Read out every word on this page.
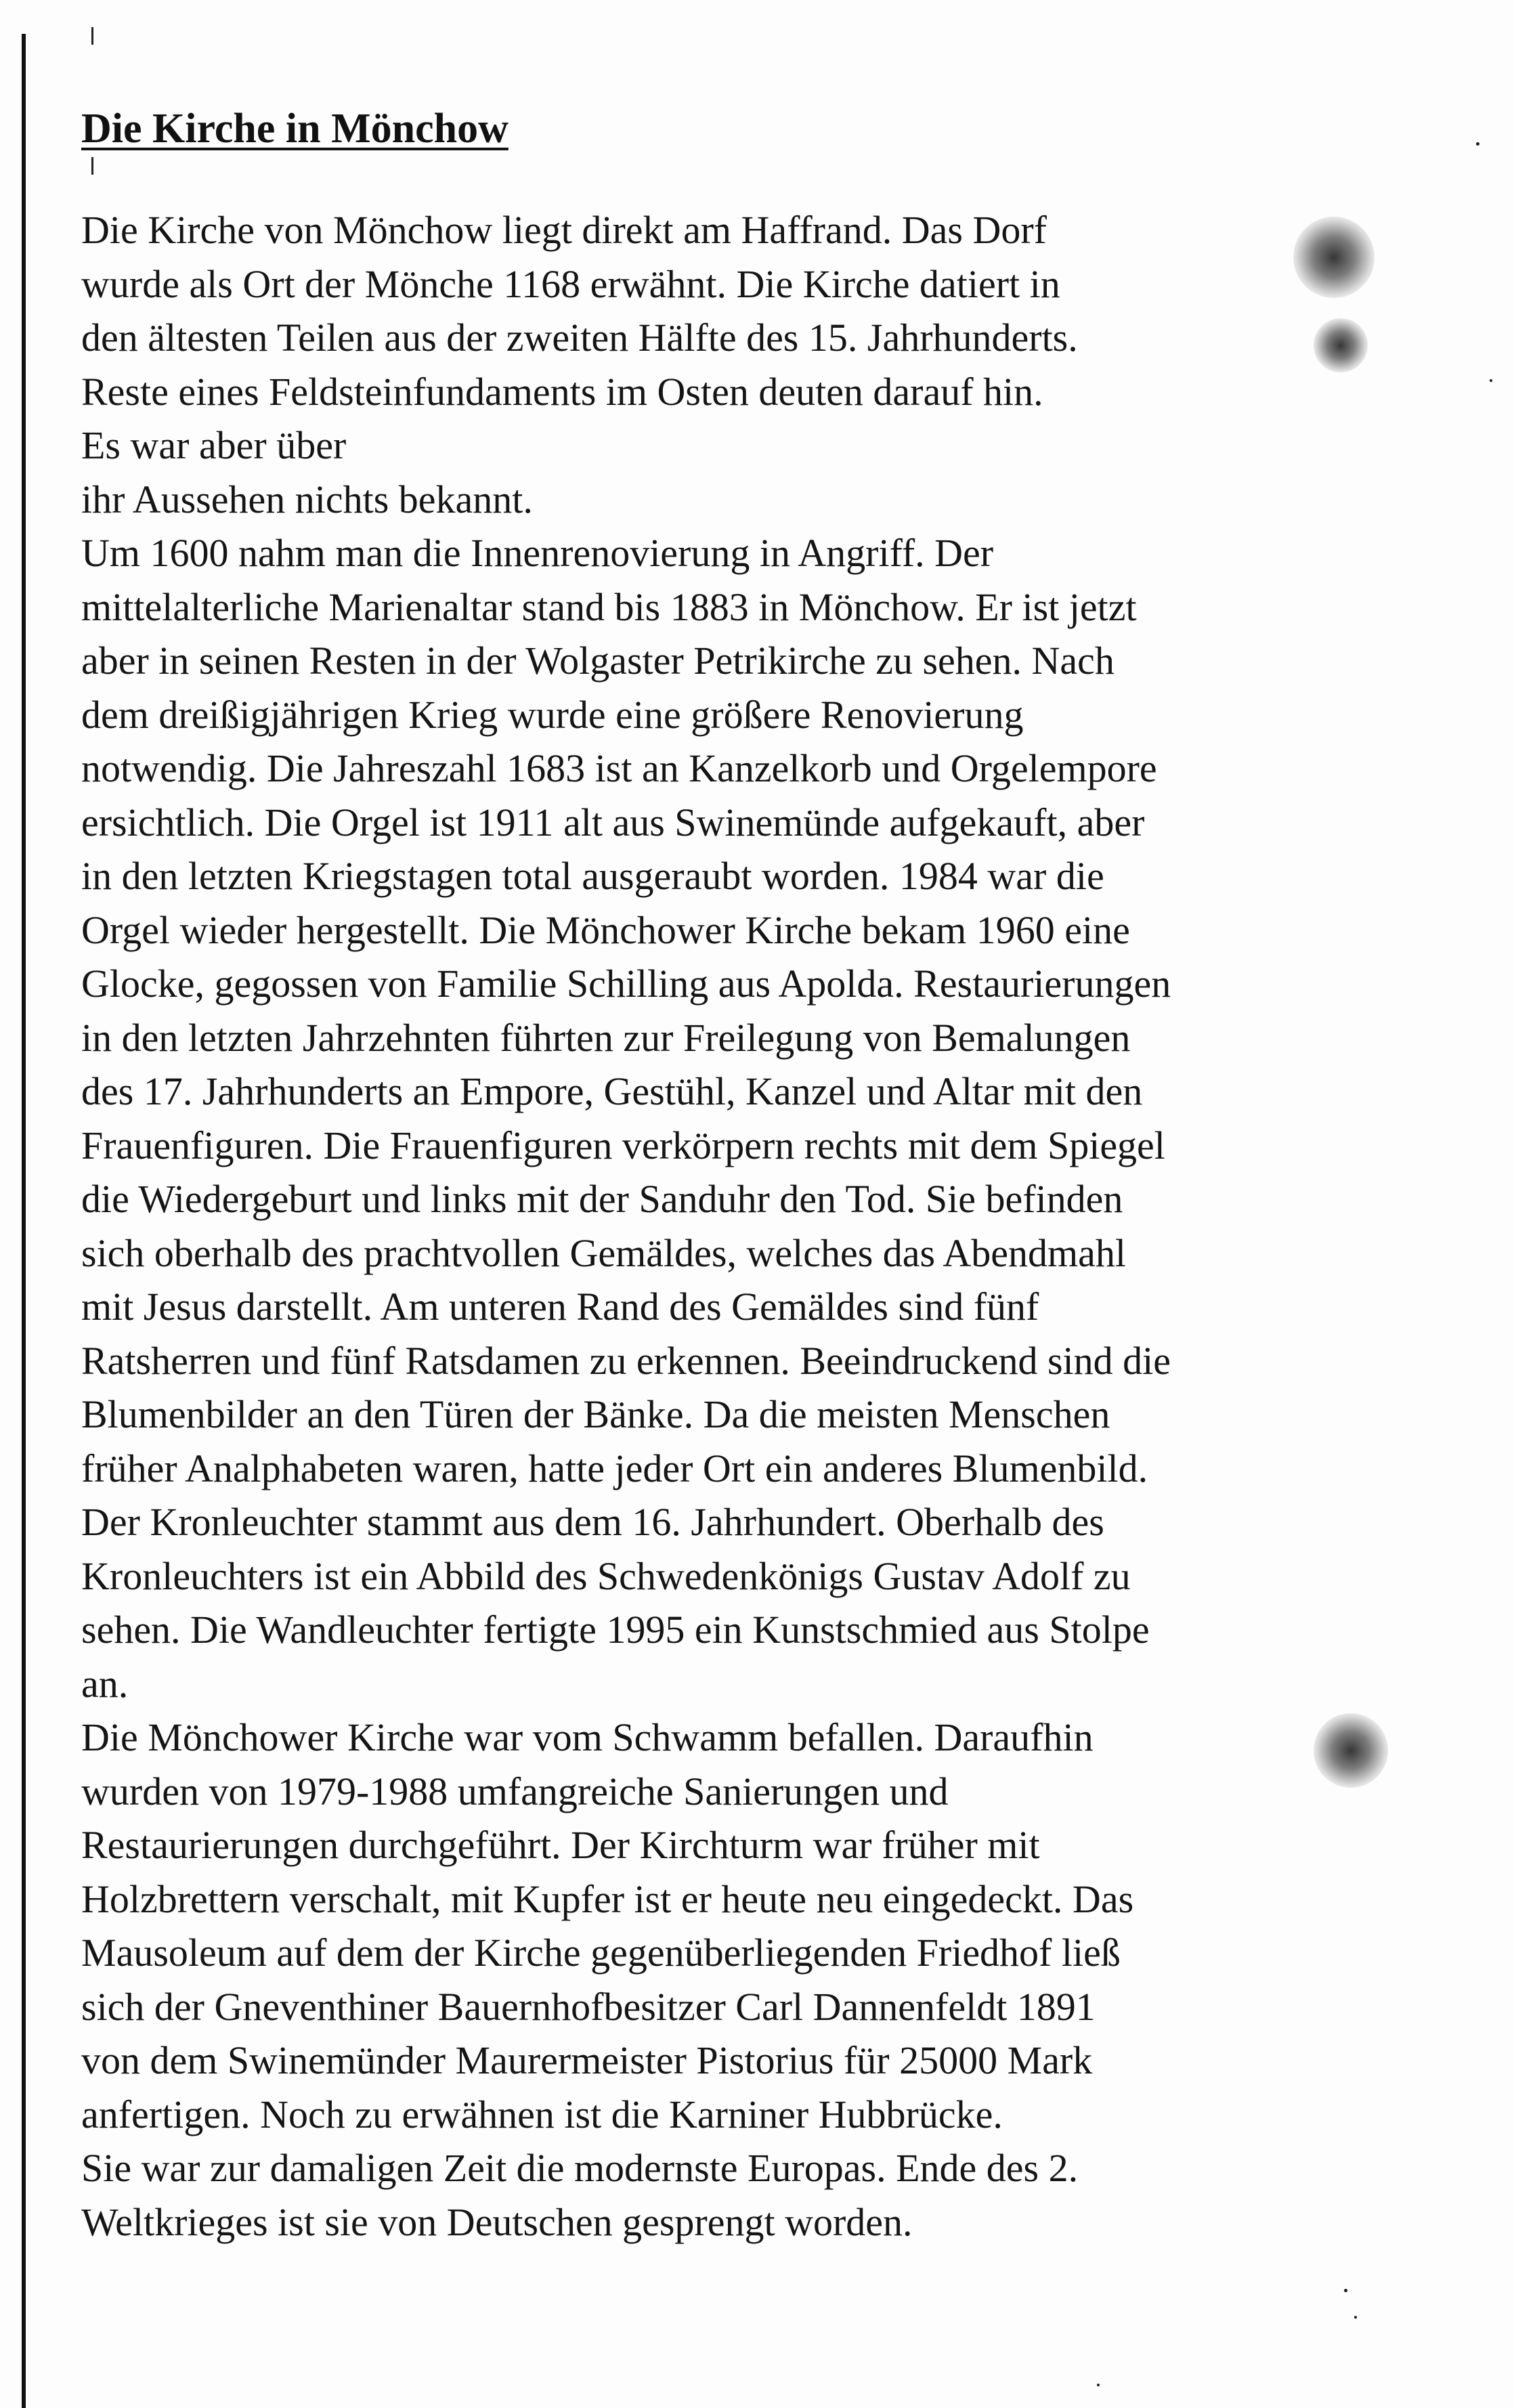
Die Kirche in Mönchow
Die Kirche von Mönchow liegt direkt am Haffrand. Das Dorf
wurde als Ort der Mönche 1168 erwähnt. Die Kirche datiert in
den ältesten Teilen aus der zweiten Hälfte des 15. Jahrhunderts.
Reste eines Feldsteinfundaments im Osten deuten darauf hin.
Es war aber über
ihr Aussehen nichts bekannt.
Um 1600 nahm man die Innenrenovierung in Angriff. Der
mittelalterliche Marienaltar stand bis 1883 in Mönchow. Er ist jetzt
aber in seinen Resten in der Wolgaster Petrikirche zu sehen. Nach
dem dreißigjährigen Krieg wurde eine größere Renovierung
notwendig. Die Jahreszahl 1683 ist an Kanzelkorb und Orgelempore
ersichtlich. Die Orgel ist 1911 alt aus Swinemünde aufgekauft, aber
in den letzten Kriegstagen total ausgeraubt worden. 1984 war die
Orgel wieder hergestellt. Die Mönchower Kirche bekam 1960 eine
Glocke, gegossen von Familie Schilling aus Apolda. Restaurierungen
in den letzten Jahrzehnten führten zur Freilegung von Bemalungen
des 17. Jahrhunderts an Empore, Gestühl, Kanzel und Altar mit den
Frauenfiguren. Die Frauenfiguren verkörpern rechts mit dem Spiegel
die Wiedergeburt und links mit der Sanduhr den Tod. Sie befinden
sich oberhalb des prachtvollen Gemäldes, welches das Abendmahl
mit Jesus darstellt. Am unteren Rand des Gemäldes sind fünf
Ratsherren und fünf Ratsdamen zu erkennen. Beeindruckend sind die
Blumenbilder an den Türen der Bänke. Da die meisten Menschen
früher Analphabeten waren, hatte jeder Ort ein anderes Blumenbild.
Der Kronleuchter stammt aus dem 16. Jahrhundert. Oberhalb des
Kronleuchters ist ein Abbild des Schwedenkönigs Gustav Adolf zu
sehen. Die Wandleuchter fertigte 1995 ein Kunstschmied aus Stolpe
an.
Die Mönchower Kirche war vom Schwamm befallen. Daraufhin
wurden von 1979-1988 umfangreiche Sanierungen und
Restaurierungen durchgeführt. Der Kirchturm war früher mit
Holzbrettern verschalt, mit Kupfer ist er heute neu eingedeckt. Das
Mausoleum auf dem der Kirche gegenüberliegenden Friedhof ließ
sich der Gneventhiner Bauernhofbesitzer Carl Dannenfeldt 1891
von dem Swinemünder Maurermeister Pistorius für 25000 Mark
anfertigen. Noch zu erwähnen ist die Karniner Hubbrücke.
Sie war zur damaligen Zeit die modernste Europas. Ende des 2.
Weltkrieges ist sie von Deutschen gesprengt worden.
